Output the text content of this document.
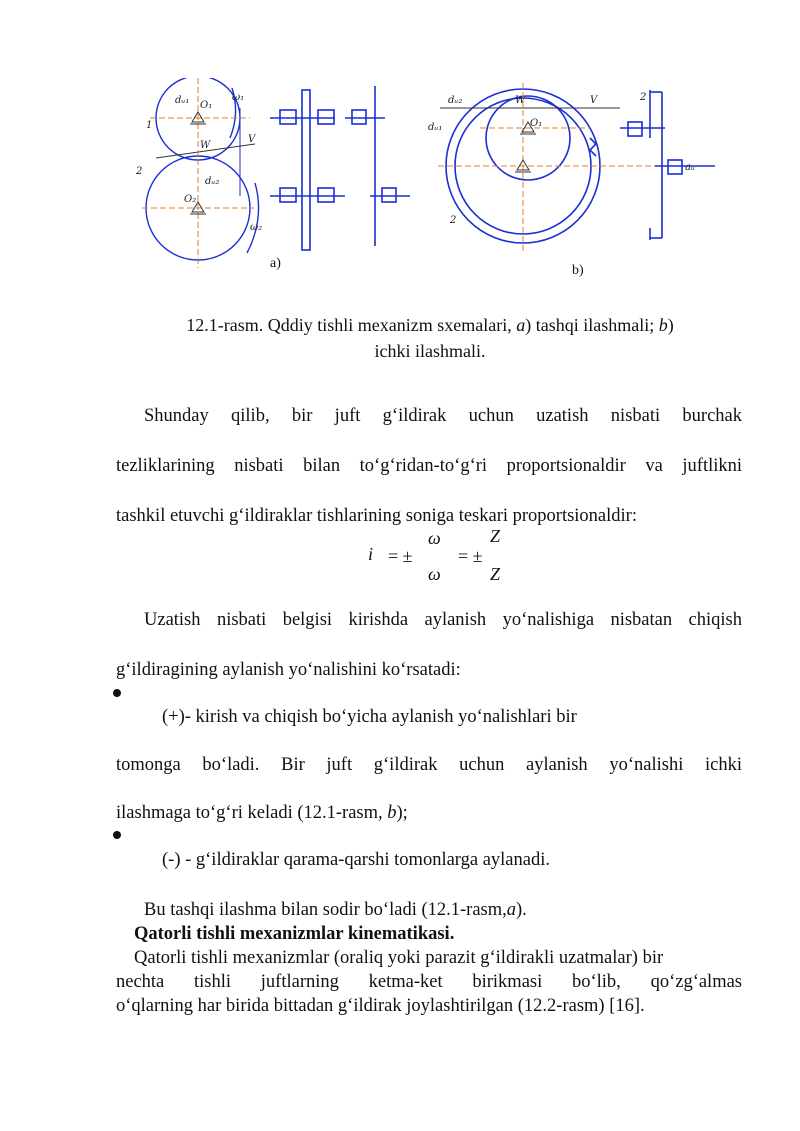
O₁
O₂
ω₁
ω₂
dᵤ₁
dᵤ₂
W
V
1
2
dᵤ₂
dᵤ₁	O₁
W	V
2
2
aᵤ
a)	b)
12.1-rasm. Qddiy tishli mexanizm sxemalari, a) tashqi ilashmali; b)
ichki ilashmali.
Shunday qilib, bir juft g‘ildirak uchun uzatish nisbati burchak
tezliklarining nisbati bilan to‘g‘ridan-to‘g‘ri proportsionaldir va juftlikni
tashkil etuvchi g‘ildiraklar tishlarining soniga teskari proportsionaldir:
i = ±
ω
ω
= ±
Z
Z
Uzatish nisbati belgisi kirishda aylanish yo‘nalishiga nisbatan chiqish
g‘ildiragining aylanish yo‘nalishini ko‘rsatadi:
(+)- kirish va chiqish bo‘yicha aylanish yo‘nalishlari bir
tomonga bo‘ladi. Bir juft g‘ildirak uchun aylanish yo‘nalishi ichki
ilashmaga to‘g‘ri keladi (12.1-rasm, b);
(-) - g‘ildiraklar qarama-qarshi tomonlarga aylanadi.
Bu tashqi ilashma bilan sodir bo‘ladi (12.1-rasm,a).
Qatorli tishli mexanizmlar kinematikasi.
Qatorli tishli mexanizmlar (oraliq yoki parazit g‘ildirakli uzatmalar) bir
nechta tishli juftlarning ketma-ket birikmasi bo‘lib, qo‘zg‘almas
o‘qlarning har birida bittadan g‘ildirak joylashtirilgan (12.2-rasm) [16].
